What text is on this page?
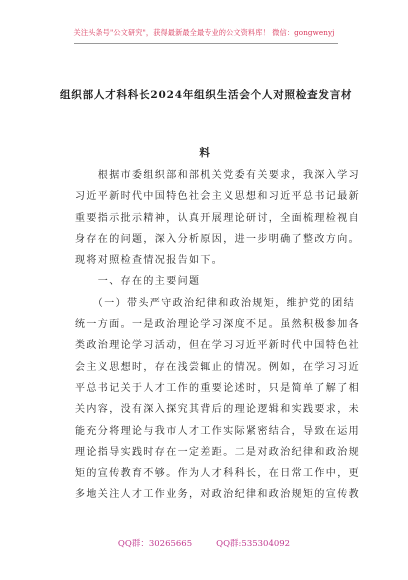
关注头条号"公文研究"，获得最新最全最专业的公文资料库！ 微信：gongwenyj
组织部人才科科长2024年组织生活会个人对照检查发言材
料
　　根据市委组织部和部机关党委有关要求，我深入学习
习近平新时代中国特色社会主义思想和习近平总书记最新
重要指示批示精神，认真开展理论研讨，全面梳理检视自
身存在的问题，深入分析原因，进一步明确了整改方向。
现将对照检查情况报告如下。
　　一、存在的主要问题
　　（一）带头严守政治纪律和政治规矩，维护党的团结
统一方面。一是政治理论学习深度不足。虽然积极参加各
类政治理论学习活动，但在学习习近平新时代中国特色社
会主义思想时，存在浅尝辄止的情况。例如，在学习习近
平总书记关于人才工作的重要论述时，只是简单了解了相
关内容，没有深入探究其背后的理论逻辑和实践要求，未
能充分将理论与我市人才工作实际紧密结合，导致在运用
理论指导实践时存在一定差距。二是对政治纪律和政治规
矩的宣传教育不够。作为人才科科长，在日常工作中，更
多地关注人才工作业务，对政治纪律和政治规矩的宣传教
QQ群：30265665	QQ群:535304092
